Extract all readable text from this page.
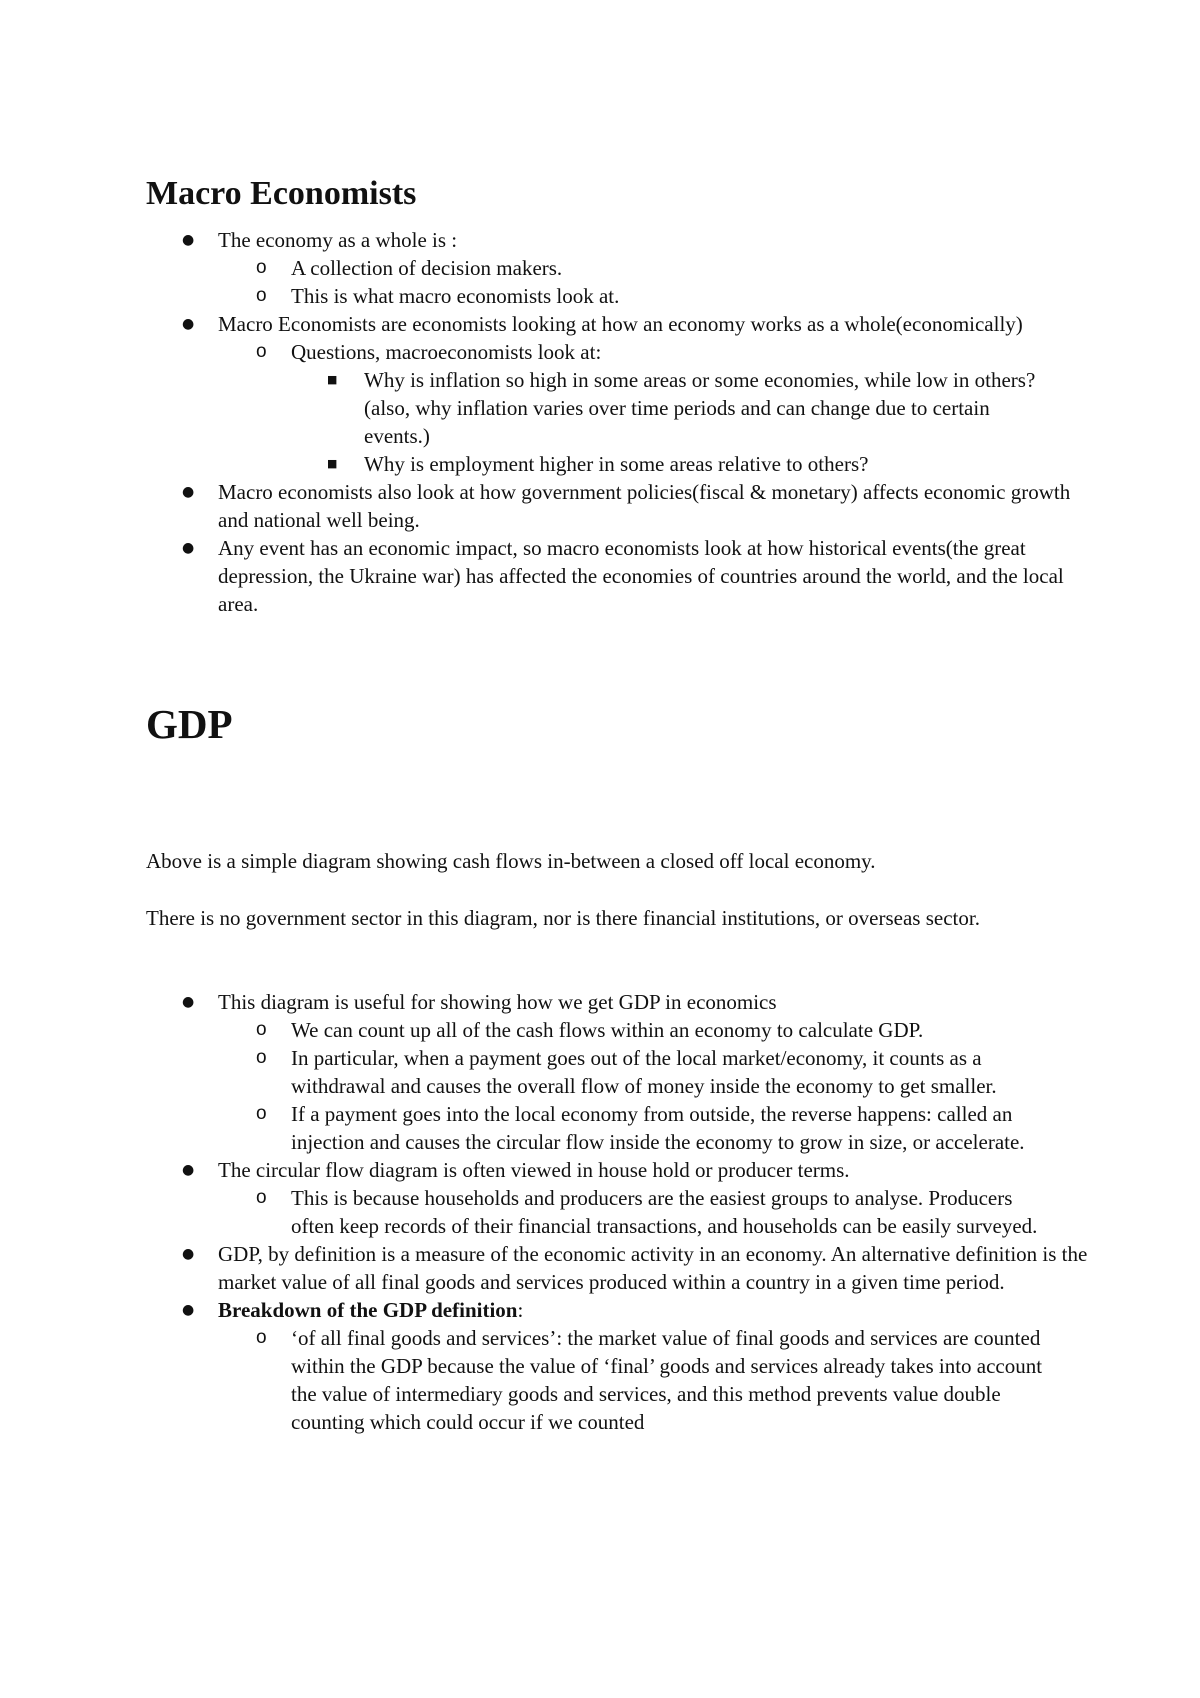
Macro Economists
● The economy as a whole is :
o A collection of decision makers.
o This is what macro economists look at.
● Macro Economists are economists looking at how an economy works as a whole(economically)
o Questions, macroeconomists look at:
■ Why is inflation so high in some areas or some economies, while low in others?(also, why inflation varies over time periods and can change due to certain events.)
■ Why is employment higher in some areas relative to others?
● Macro economists also look at how government policies(fiscal & monetary) affects economic growth and national well being.
● Any event has an economic impact, so macro economists look at how historical events(the great depression, the Ukraine war) has affected the economies of countries around the world, and the local area.
GDP

Above is a simple diagram showing cash flows in-between a closed off local economy.

There is no government sector in this diagram, nor is there financial institutions, or overseas sector.

● This diagram is useful for showing how we get GDP in economics
o We can count up all of the cash flows within an economy to calculate GDP.
o In particular, when a payment goes out of the local market/economy, it counts as a withdrawal and causes the overall flow of money inside the economy to get smaller.
o If a payment goes into the local economy from outside, the reverse happens: called an injection and causes the circular flow inside the economy to grow in size, or accelerate.
● The circular flow diagram is often viewed in house hold or producer terms.
o This is because households and producers are the easiest groups to analyse. Producers often keep records of their financial transactions, and households can be easily surveyed.
● GDP, by definition is a measure of the economic activity in an economy. An alternative definition is the market value of all final goods and services produced within a country in a given time period.
● Breakdown of the GDP definition:
o ‘of all final goods and services’: the market value of final goods and services are counted within the GDP because the value of ‘final’ goods and services already takes into account the value of intermediary goods and services, and this method prevents value double counting which could occur if we counted
